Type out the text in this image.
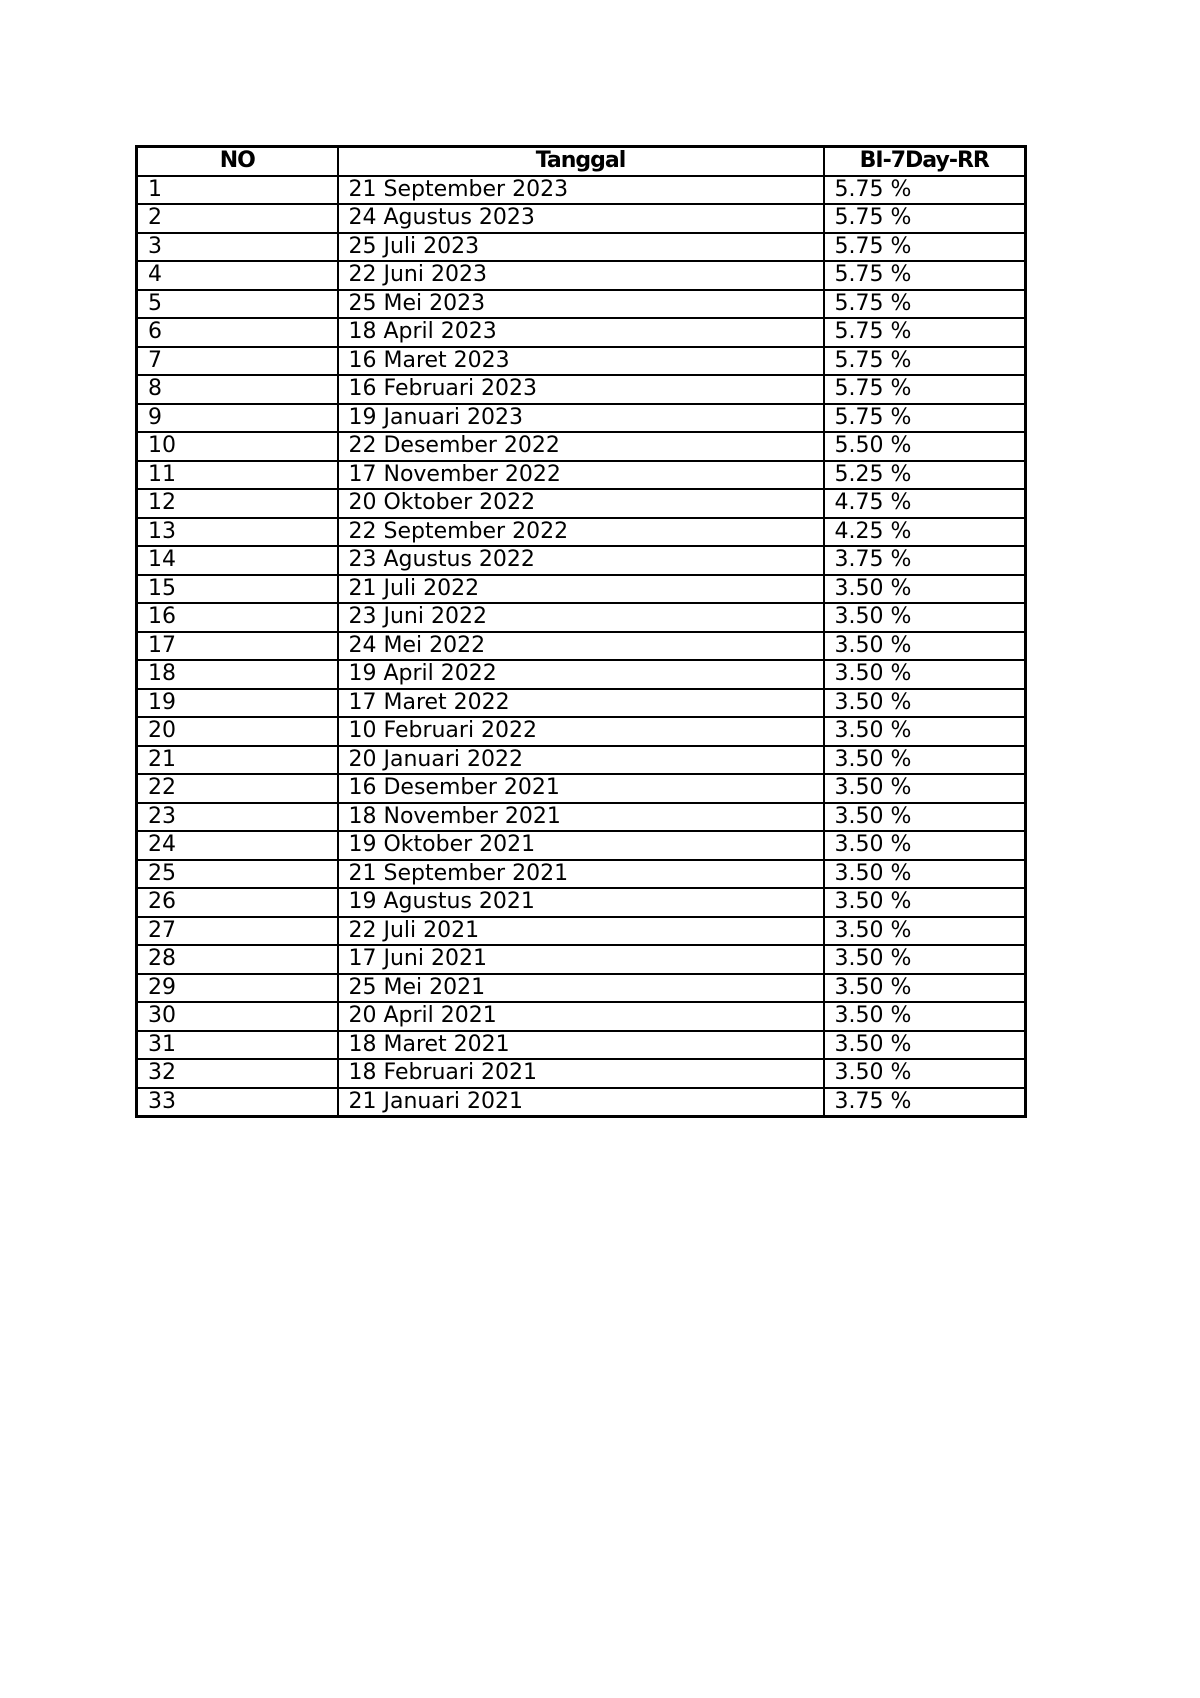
NO	Tanggal	BI-7Day-RR
1	21 September 2023	5.75 %
2	24 Agustus 2023	5.75 %
3	25 Juli 2023	5.75 %
4	22 Juni 2023	5.75 %
5	25 Mei 2023	5.75 %
6	18 April 2023	5.75 %
7	16 Maret 2023	5.75 %
8	16 Februari 2023	5.75 %
9	19 Januari 2023	5.75 %
10	22 Desember 2022	5.50 %
11	17 November 2022	5.25 %
12	20 Oktober 2022	4.75 %
13	22 September 2022	4.25 %
14	23 Agustus 2022	3.75 %
15	21 Juli 2022	3.50 %
16	23 Juni 2022	3.50 %
17	24 Mei 2022	3.50 %
18	19 April 2022	3.50 %
19	17 Maret 2022	3.50 %
20	10 Februari 2022	3.50 %
21	20 Januari 2022	3.50 %
22	16 Desember 2021	3.50 %
23	18 November 2021	3.50 %
24	19 Oktober 2021	3.50 %
25	21 September 2021	3.50 %
26	19 Agustus 2021	3.50 %
27	22 Juli 2021	3.50 %
28	17 Juni 2021	3.50 %
29	25 Mei 2021	3.50 %
30	20 April 2021	3.50 %
31	18 Maret 2021	3.50 %
32	18 Februari 2021	3.50 %
33	21 Januari 2021	3.75 %
